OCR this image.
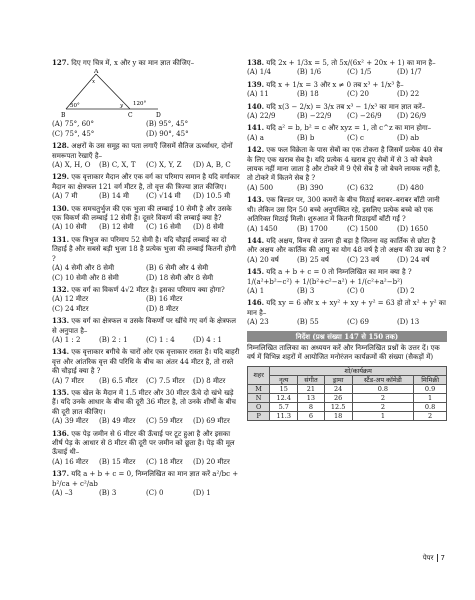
127. दिए गए चित्र में, x और y का मान ज्ञात कीजिए–
A
B	C	D
x
y
50°	120°
(A) 75°, 60°	(B) 95°, 45°
(C) 75°, 45°	(D) 90°, 45°
128. अक्षरों के उस समूह का पता लगाएँ जिसमें सैतिज ऊर्ध्वाधर, दोनों समरूपता रेखाएँ है–
(A) X, H, O	(B) C, X, T	(C) X, Y, Z	(D) A, B, C
129. एक वृत्ताकार मैदान और एक वर्ग का परिमाप समान है यदि वर्गाकार मैदान का क्षेत्रफल 121 वर्ग मीटर है, तो वृत्त की त्रिज्या ज्ञात कीजिए।
(A) 7 मी	(B) 14 मी	(C) √14 मी	(D) 10.5 मी
130. एक समचतुर्भुज की एक भुजा की लम्बाई 10 सेमी है और उसके एक विकर्ण की लम्बाई 12 सेमी है। दूसरे विकर्ण की लम्बाई क्या है?
(A) 10 सेमी	(B) 12 सेमी	(C) 16 सेमी	(D) 8 सेमी
131. एक त्रिभुज का परिमाप 52 सेमी है। यदि चौड़ाई लम्बाई का दो तिहाई है और सबसे बड़ी भुजा 18 है प्रत्येक भुजा की लम्बाई कितनी होगी ?
(A) 4 सेमी और 8 सेमी	(B) 6 सेमी और 4 सेमी
(C) 10 सेमी और 8 सेमी	(D) 18 सेमी और 8 सेमी
132. एक वर्ग का विकर्ण 4√2 मीटर है। इसका परिमाप क्या होगा?
(A) 12 मीटर	(B) 16 मीटर
(C) 24 मीटर	(D) 8 मीटर
133. एक वर्ग का क्षेत्रफल व उसके विकर्णों पर खींचे गए वर्ग के क्षेत्रफल से अनुपात है–
(A) 1 : 2	(B) 2 : 1	(C) 1 : 4	(D) 4 : 1
134. एक वृत्ताकार बगीचे के चारों ओर एक वृत्ताकार रास्ता है। यदि बाहरी वृत्त और आंतरिक वृत्त की परिधि के बीच का अंतर 44 मीटर है, तो रास्ते की चौड़ाई क्या है ?
(A) 7 मीटर	(B) 6.5 मीटर	(C) 7.5 मीटर	(D) 8 मीटर
135. एक खेल के मैदान में 1.5 मीटर और 30 मीटर ऊँचे दो खंभे खड़े हैं। यदि उनके आधार के बीच की दूरी 36 मीटर है, तो उनके शीर्षों के बीच की दूरी ज्ञात कीजिए।
(A) 39 मीटर	(B) 49 मीटर	(C) 59 मीटर	(D) 69 मीटर
136. एक पेड़ जमीन से 6 मीटर की ऊँचाई पर टूट हुआ है और इसका शीर्ष पेड़ के आधार से 8 मीटर की दूरी पर जमीन को छूता है। पेड़ की मूल ऊँचाई थी–
(A) 16 मीटर	(B) 15 मीटर	(C) 18 मीटर	(D) 20 मीटर
137. यदि a + b + c = 0, निम्नलिखित का मान ज्ञात करें a²/bc + b²/ca + c²/ab
(A) –3	(B) 3	(C) 0	(D) 1
138. यदि 2x + 1/3x = 5, तो 5x/(6x² + 20x + 1) का मान है–
(A) 1/4	(B) 1/6	(C) 1/5	(D) 1/7
139. यदि x + 1/x = 3 और x ≠ 0 तब x³ + 1/x³ है–
(A) 11	(B) 18	(C) 20	(D) 22
140. यदि x(3 − 2/x) = 3/x तब x³ − 1/x³ का मान ज्ञात करें–
(A) 22/9	(B) −22/9	(C) −26/9	(D) 26/9
141. यदि a² = b, b² = c और xyz = 1, तो c^z का मान होगा–
(A) a	(B) b	(C) c	(D) ab
142. एक फल विक्रेता के पास सेबों का एक टोकरा है जिसमें प्रत्येक 40 सेब के लिए एक खराब सेब है। यदि प्रत्येक 4 खराब हुए सेबों में से 3 को बेचने लायक नहीं माना जाता है और टोकरे में 9 ऐसे सेब है जो बेचने लायक नहीं है, तो टोकरे में कितने सेब है ?
(A) 500	(B) 390	(C) 632	(D) 480
143. एक बिल्डर पर, 300 कमरों के बीच मिठाई बराबर–बराबर बाँटी जानी थी। लेकिन उस दिन 50 बच्चे अनुपस्थित रहे, इसलिए प्रत्येक बच्चे को एक अतिरिक्त मिठाई मिली। शुरुआत में कितनी मिठाइयाँ बाँटी गईं ?
(A) 1450	(B) 1700	(C) 1500	(D) 1650
144. यदि अक्षय, विनय से उतना ही बड़ा है जितना वह कार्तिक से छोटा है और अक्षय और कार्तिक की आयु का योग 48 वर्ष है तो अक्षय की उम्र क्या है ?
(A) 20 वर्ष	(B) 25 वर्ष	(C) 23 वर्ष	(D) 24 वर्ष
145. यदि a + b + c = 0 तो निम्नलिखित का मान क्या है ? 1/(a²+b²−c²) + 1/(b²+c²−a²) + 1/(c²+a²−b²)
(A) 1	(B) 3	(C) 0	(D) 2
146. यदि xy = 6 और x + xy² + xy + y² = 63 हो तो x² + y² का मान है–
(A) 23	(B) 55	(C) 69	(D) 13
निर्देश (प्रश्न संख्या 147 से 150 तक)
निम्नलिखित तालिका का अध्ययन करें और निम्नलिखित प्रश्नों के उत्तर दें। एक वर्ष में विभिन्न शहरों में आयोजित मनोरंजन कार्यक्रमों की संख्या (सैकड़ों में)
शहर	शो/कार्यक्रम				
	नृत्य	संगीत	ड्रामा	स्टैंड-अप कॉमेडी	मिमिक्री
M	15	21	24	0.8	0.9
N	12.4	13	26	2	1
O	5.7	8	12.5	2	0.8
P	11.3	6	18	1	2
पेपर 7
